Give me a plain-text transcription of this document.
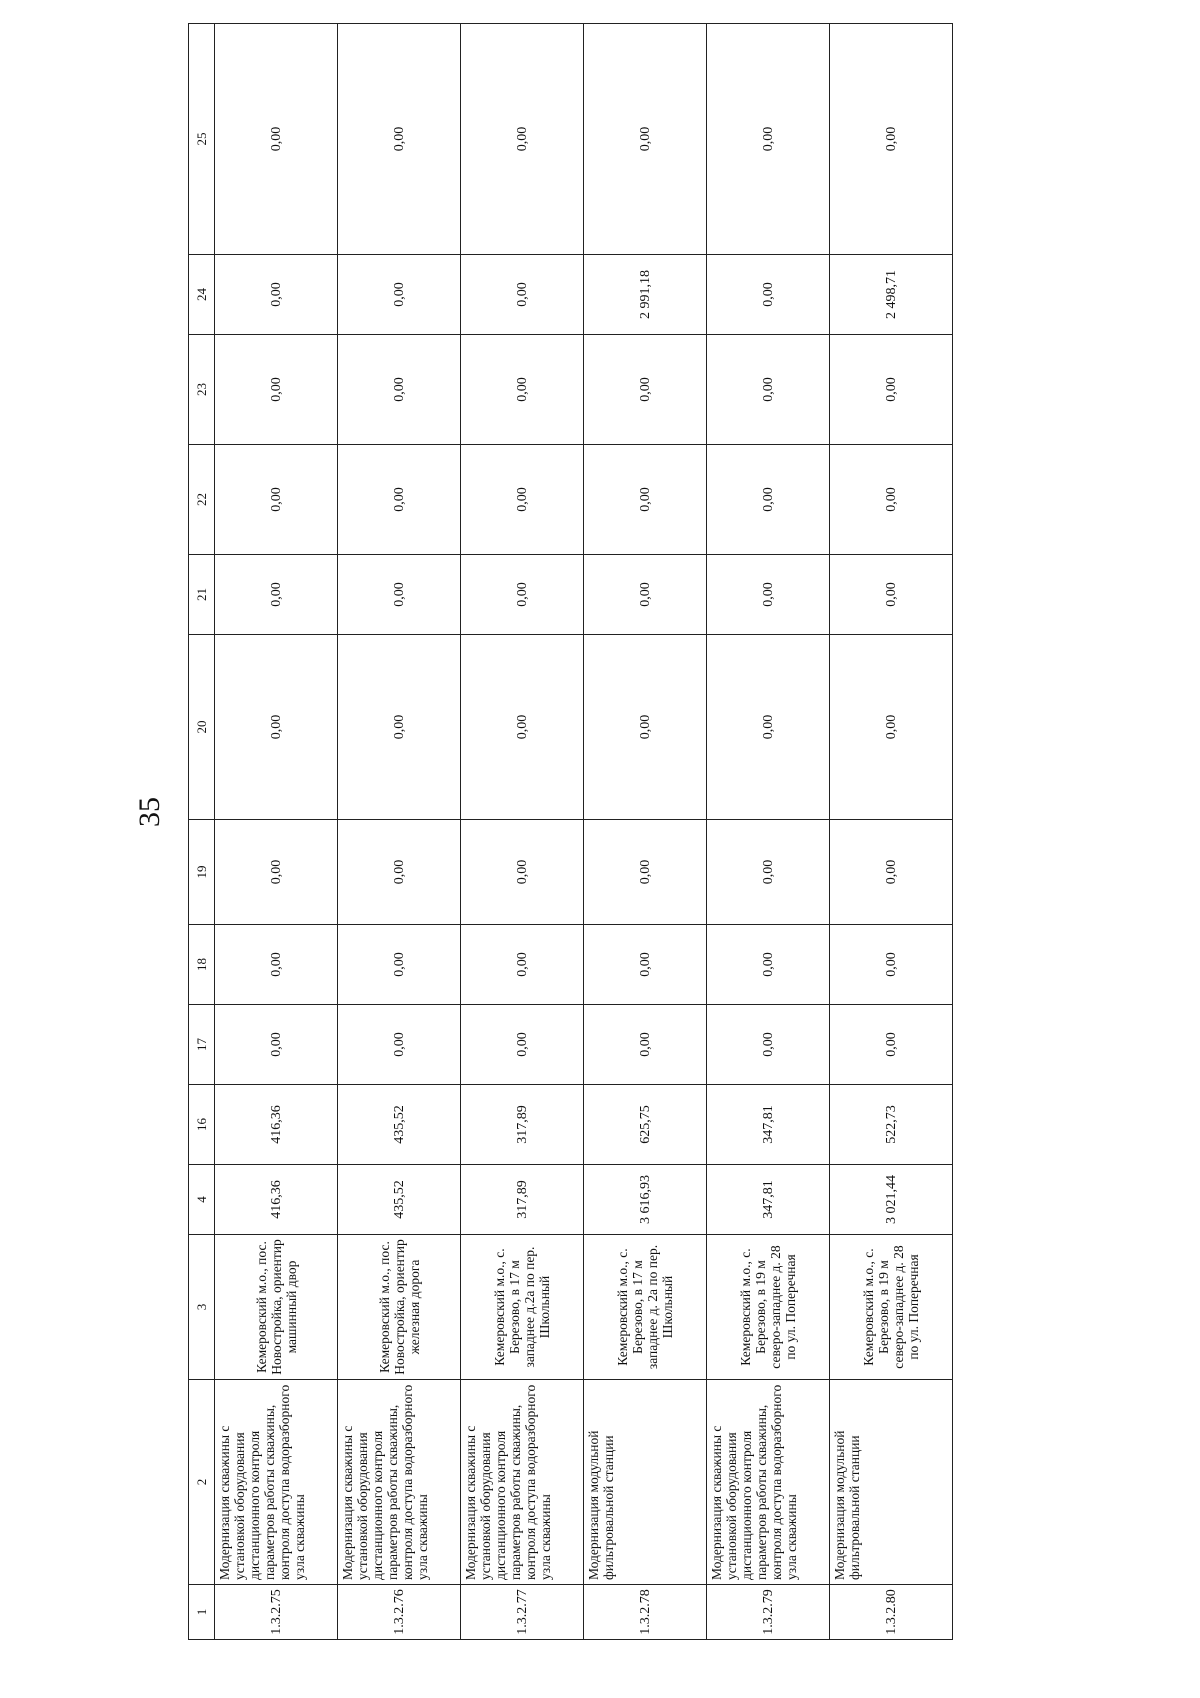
35
1	2	3	4	16	17	18	19	20	21	22	23	24	25
1.3.2.75	Модернизация скважины с установкой оборудования дистанционного контроля параметров работы скважины, контроля доступа водоразборного узла скважины	Кемеровский м.о., пос. Новостройка, ориентир машинный двор	416,36	416,36	0,00	0,00	0,00	0,00	0,00	0,00	0,00	0,00	0,00
1.3.2.76	Модернизация скважины с установкой оборудования дистанционного контроля параметров работы скважины, контроля доступа водоразборного узла скважины	Кемеровский м.о., пос. Новостройка, ориентир железная дорога	435,52	435,52	0,00	0,00	0,00	0,00	0,00	0,00	0,00	0,00	0,00
1.3.2.77	Модернизация скважины с установкой оборудования дистанционного контроля параметров работы скважины, контроля доступа водоразборного узла скважины	Кемеровский м.о., с. Березово, в 17 м западнее д.2а по пер. Школьный	317,89	317,89	0,00	0,00	0,00	0,00	0,00	0,00	0,00	0,00	0,00
1.3.2.78	Модернизация модульной фильтровальной станции	Кемеровский м.о., с. Березово, в 17 м западнее д. 2а по пер. Школьный	3 616,93	625,75	0,00	0,00	0,00	0,00	0,00	0,00	0,00	2 991,18	0,00
1.3.2.79	Модернизация скважины с установкой оборудования дистанционного контроля параметров работы скважины, контроля доступа водоразборного узла скважины	Кемеровский м.о., с. Березово, в 19 м северо-западнее д. 28 по ул. Поперечная	347,81	347,81	0,00	0,00	0,00	0,00	0,00	0,00	0,00	0,00	0,00
1.3.2.80	Модернизация модульной фильтровальной станции	Кемеровский м.о., с. Березово, в 19 м северо-западнее д. 28 по ул. Поперечная	3 021,44	522,73	0,00	0,00	0,00	0,00	0,00	0,00	0,00	2 498,71	0,00
